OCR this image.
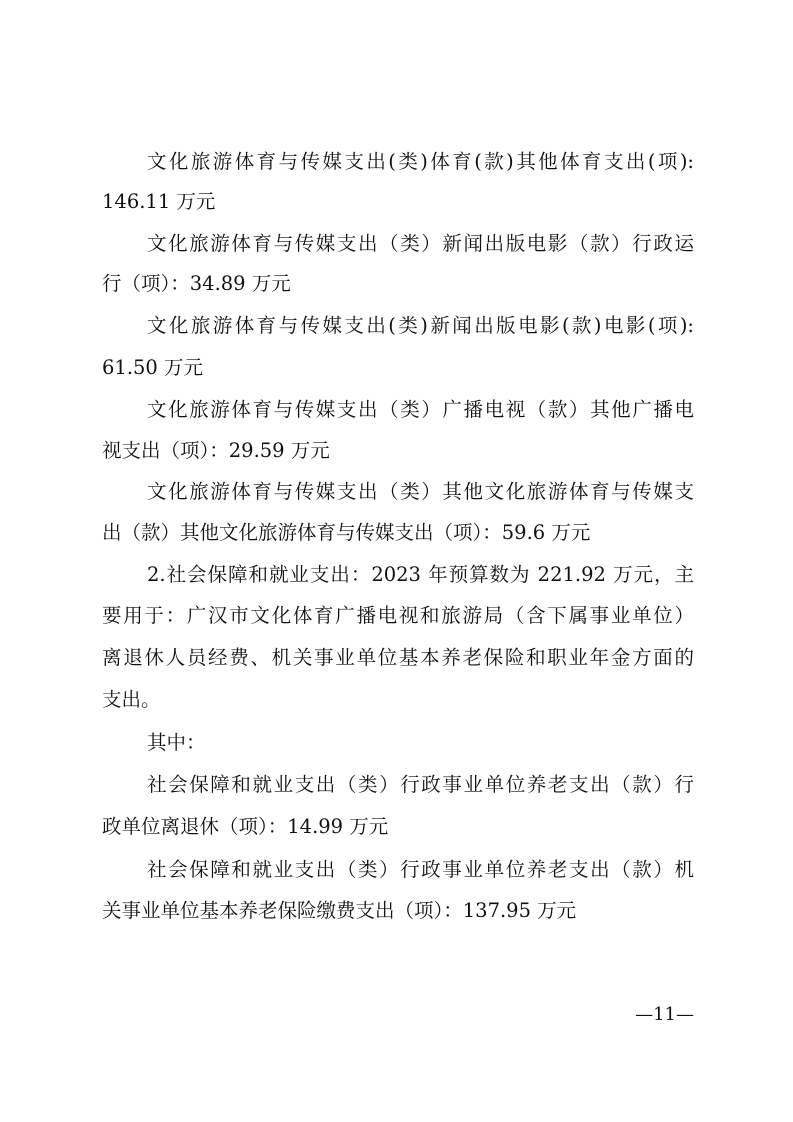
文化旅游体育与传媒支出(类)体育(款)其他体育支出(项):
146.11 万元
文化旅游体育与传媒支出（类）新闻出版电影（款）行政运
行（项）：34.89 万元
文化旅游体育与传媒支出(类)新闻出版电影(款)电影(项):
61.50 万元
文化旅游体育与传媒支出（类）广播电视（款）其他广播电
视支出（项）：29.59 万元
文化旅游体育与传媒支出（类）其他文化旅游体育与传媒支
出（款）其他文化旅游体育与传媒支出（项）：59.6 万元
2.社会保障和就业支出：2023 年预算数为 221.92 万元，主
要用于：广汉市文化体育广播电视和旅游局（含下属事业单位）
离退休人员经费、机关事业单位基本养老保险和职业年金方面的
支出。
其中：
社会保障和就业支出（类）行政事业单位养老支出（款）行
政单位离退休（项）：14.99 万元
社会保障和就业支出（类）行政事业单位养老支出（款）机
关事业单位基本养老保险缴费支出（项）：137.95 万元
—11—
